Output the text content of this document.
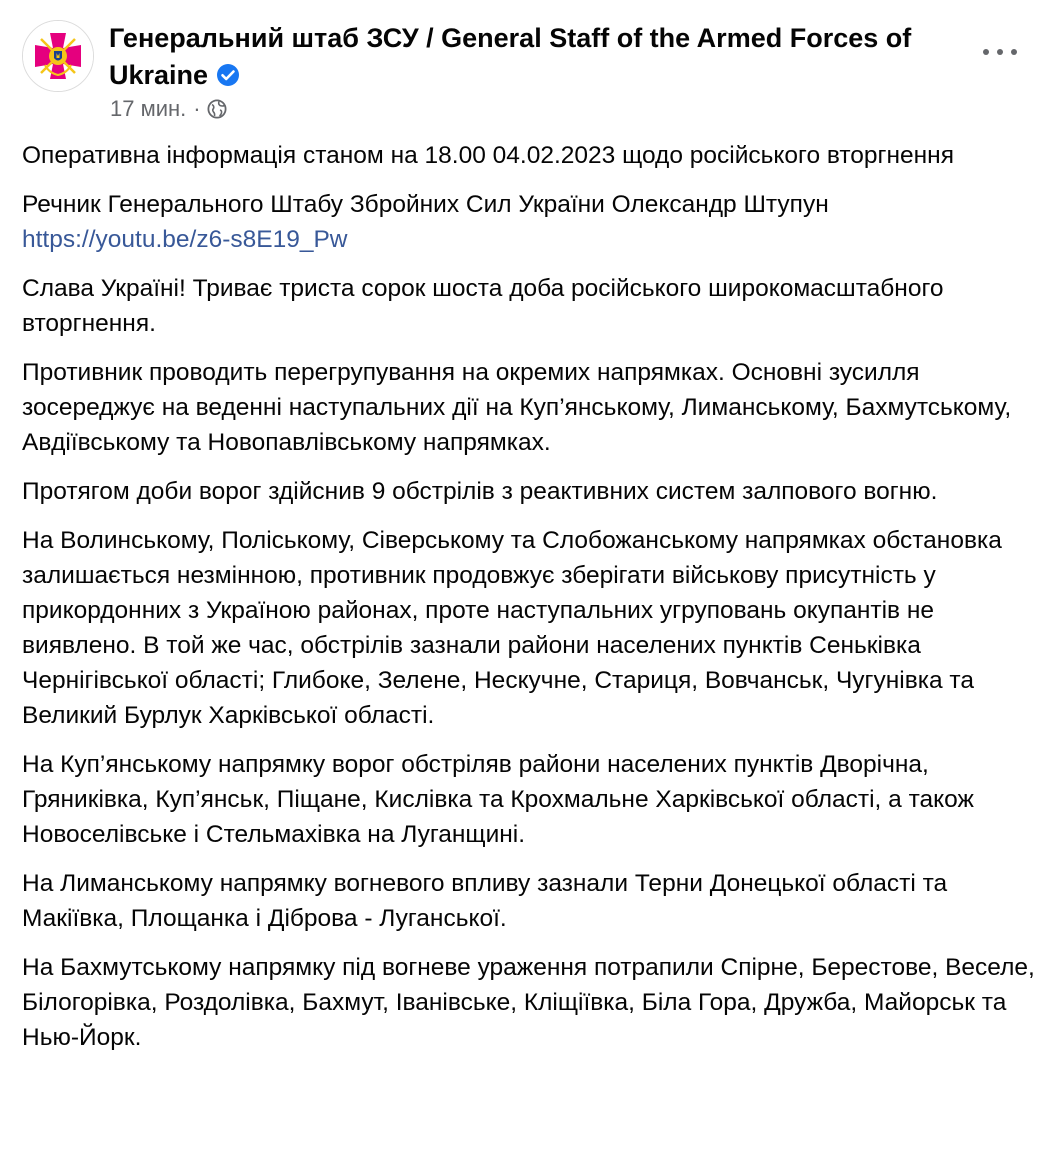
Генеральний штаб ЗСУ / General Staff of the Armed Forces of Ukraine
17 мин. ·

Оперативна інформація станом на 18.00 04.02.2023 щодо російського вторгнення

Речник Генерального Штабу Збройних Сил України Олександр Штупун
https://youtu.be/z6-s8E19_Pw

Слава Україні! Триває триста сорок шоста доба російського широкомасштабного вторгнення.

Противник проводить перегрупування на окремих напрямках. Основні зусилля зосереджує на веденні наступальних дії на Куп’янському, Лиманському, Бахмутському, Авдіївському та Новопавлівському напрямках.

Протягом доби ворог здійснив 9 обстрілів з реактивних систем залпового вогню.

На Волинському, Поліському, Сіверському та Слобожанському напрямках обстановка залишається незмінною, противник продовжує зберігати військову присутність у прикордонних з Україною районах, проте наступальних угруповань окупантів не виявлено. В той же час, обстрілів зазнали райони населених пунктів Сеньківка Чернігівської області; Глибоке, Зелене, Нескучне, Стариця, Вовчанськ, Чугунівка та Великий Бурлук Харківської області.

На Куп’янському напрямку ворог обстріляв райони населених пунктів Дворічна, Гряниківка, Куп’янськ, Піщане, Кислівка та Крохмальне Харківської області, а також Новоселівське і Стельмахівка на Луганщині.

На Лиманському напрямку вогневого впливу зазнали Терни Донецької області та Макіївка, Площанка і Діброва - Луганської.

На Бахмутському напрямку під вогневе ураження потрапили Спірне, Берестове, Веселе, Білогорівка, Роздолівка, Бахмут, Іванівське, Кліщіївка, Біла Гора, Дружба, Майорськ та Нью-Йорк.
